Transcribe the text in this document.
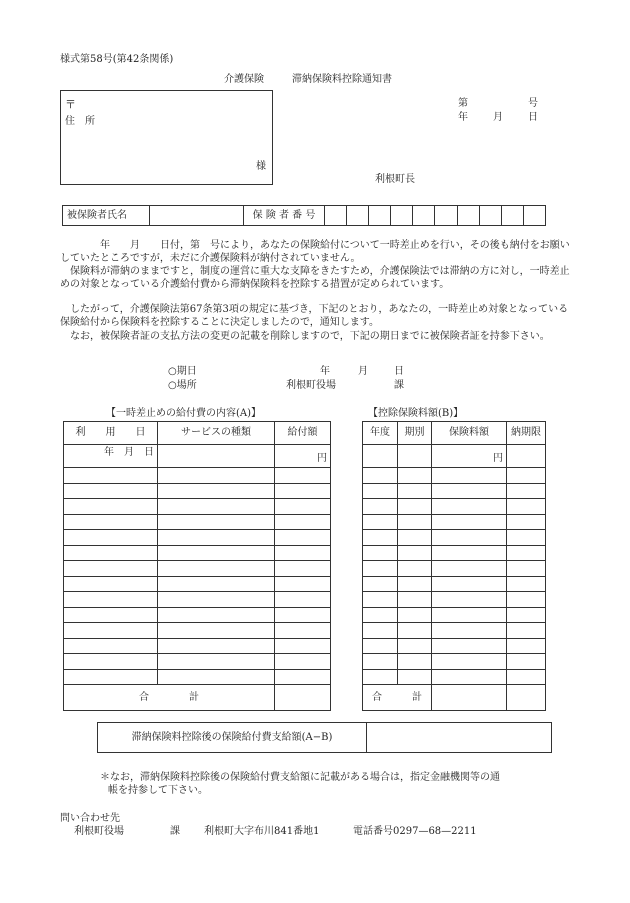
様式第58号(第42条関係)
介護保険	滞納保険料控除通知書
第	号
年	月	日
〒
住　所
様
利根町長
被保険者氏名		保 険 者 番 号										
　　　　年　　月　　日付，第　号により，あなたの保険給付について一時差止めを行い，その後も納付をお願いしていたところですが，未だに介護保険料が納付されていません。
　保険料が滞納のままですと，制度の運営に重大な支障をきたすため，介護保険法では滞納の方に対し，一時差止めの対象となっている介護給付費から滞納保険料を控除する措置が定められています。
　したがって，介護保険法第67条第3項の規定に基づき，下記のとおり，あなたの，一時差止め対象となっている保険給付から保険料を控除することに決定しましたので，通知します。
　なお，被保険者証の支払方法の変更の記載を削除しますので，下記の期日までに被保険者証を持参下さい。
○期日	年	月	日
○場所	利根町役場	課
【一時差止めの給付費の内容(A)】
利　　用　　日	サービスの種類	給付額
年　月　日		円

合　　　　計		
【控除保険料額(B)】
年度	期別	保険料額	納期限
		円	

合　　　計			
滞納保険料控除後の保険給付費支給額(A−B)	
＊なお，滞納保険料控除後の保険給付費支給額に記載がある場合は，指定金融機関等の通
帳を持参して下さい。
問い合わせ先
利根町役場	課 利根町大字布川841番地1	電話番号0297—68—2211
